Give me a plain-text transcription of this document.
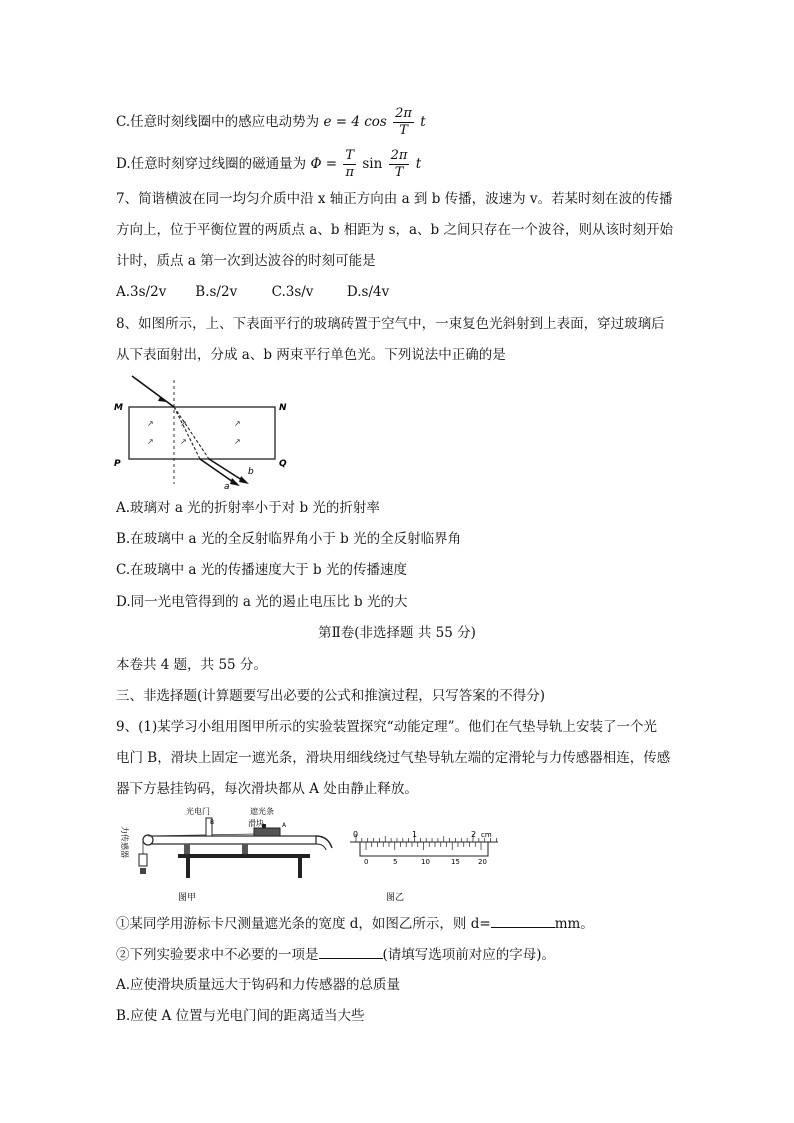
C.任意时刻线圈中的感应电动势为 e = 4 $\cos \frac{2\pi}{T}$ t
D.任意时刻穿过线圈的磁通量为 $\Phi = \frac{T}{\pi}$ $\sin \frac{2\pi}{T}$ t
7、简谐横波在同一均匀介质中沿 x 轴正方向由 a 到 b 传播，波速为 v。若某时刻在波的传播
方向上，位于平衡位置的两质点 a、b 相距为 s，a、b 之间只存在一个波谷，则从该时刻开始
计时，质点 a 第一次到达波谷的时刻可能是
A.3s/2v B.s/2v	C.3s/v D.s/4v
8、如图所示，上、下表面平行的玻璃砖置于空气中，一束复色光斜射到上表面，穿过玻璃后
从下表面射出，分成 a、b 两束平行单色光。下列说法中正确的是
↗
↗
↗
↗
↗
↗
M	N
P	Q
a
b
A.玻璃对 a 光的折射率小于对 b 光的折射率
B.在玻璃中 a 光的全反射临界角小于 b 光的全反射临界角
C.在玻璃中 a 光的传播速度大于 b 光的传播速度
D.同一光电管得到的 a 光的遏止电压比 b 光的大
第Ⅱ卷(非选择题 共 55 分)
本卷共 4 题，共 55 分。
三、非选择题(计算题要写出必要的公式和推演过程，只写答案的不得分)
9、(1)某学习小组用图甲所示的实验装置探究“动能定理”。他们在气垫导轨上安装了一个光
电门 B，滑块上固定一遮光条，滑块用细线绕过气垫导轨左端的定滑轮与力传感器相连，传感
器下方悬挂钩码，每次滑块都从 A 处由静止释放。
光电门
B
遮光条
滑块	A
力传感器
图甲
0	1	2 cm
0	5	10	15	20
图乙
①某同学用游标卡尺测量遮光条的宽度 d，如图乙所示，则 d=	mm。
②下列实验要求中不必要的一项是	(请填写选项前对应的字母)。
A.应使滑块质量远大于钩码和力传感器的总质量
B.应使 A 位置与光电门间的距离适当大些
